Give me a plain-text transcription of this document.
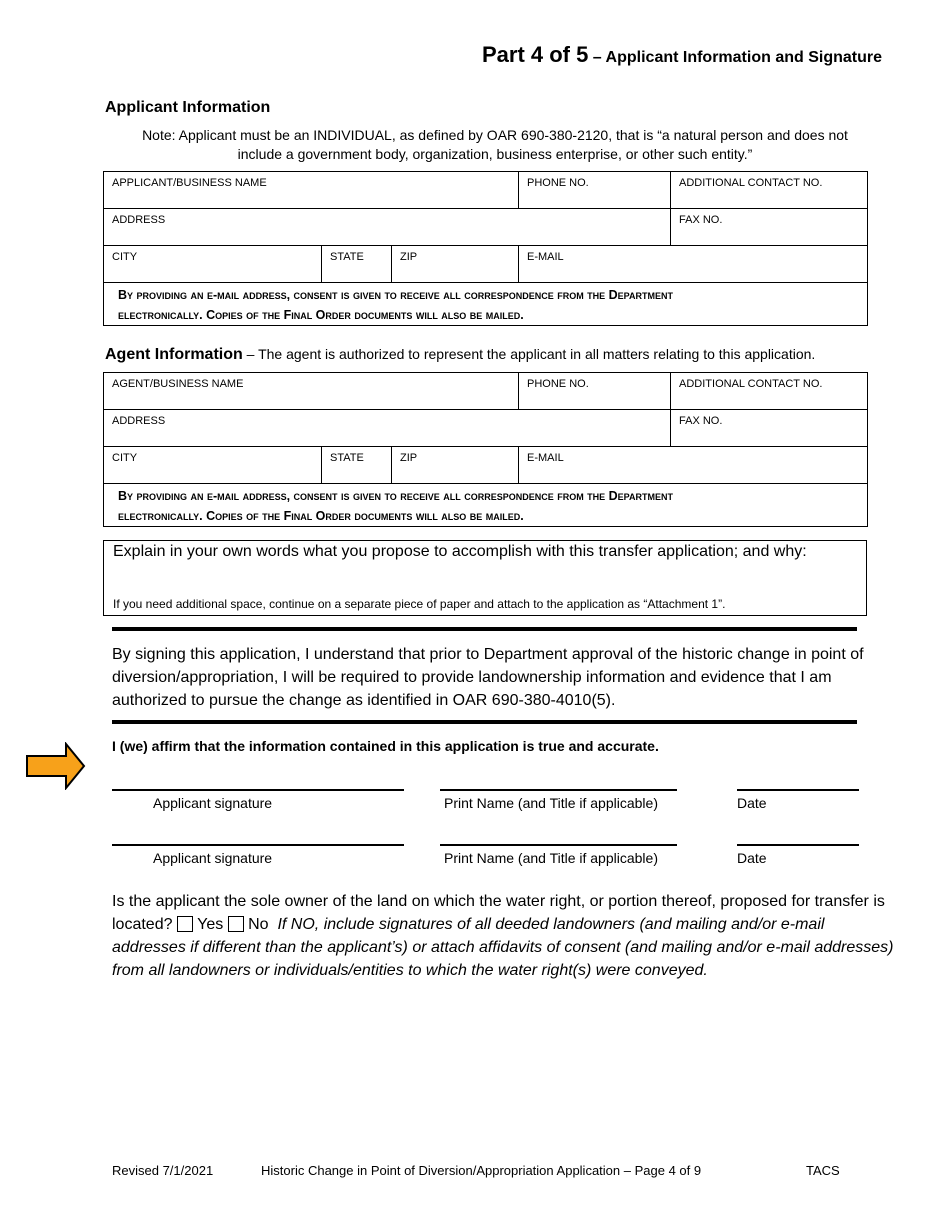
Part 4 of 5 – Applicant Information and Signature
Applicant Information
Note: Applicant must be an INDIVIDUAL, as defined by OAR 690-380-2120, that is “a natural person and does not
include a government body, organization, business enterprise, or other such entity.”
APPLICANT/BUSINESS NAME			PHONE NO.	ADDITIONAL CONTACT NO.
ADDRESS				FAX NO.
CITY	STATE	ZIP	E-MAIL	

By providing an e-mail address, consent is given to receive all correspondence from the Department
electronically. Copies of the Final Order documents will also be mailed.				
Agent Information – The agent is authorized to represent the applicant in all matters relating to this application.
AGENT/BUSINESS NAME			PHONE NO.	ADDITIONAL CONTACT NO.
ADDRESS				FAX NO.
CITY	STATE	ZIP	E-MAIL	

By providing an e-mail address, consent is given to receive all correspondence from the Department
electronically. Copies of the Final Order documents will also be mailed.				
Explain in your own words what you propose to accomplish with this transfer application; and why:
If you need additional space, continue on a separate piece of paper and attach to the application as “Attachment 1”.
By signing this application, I understand that prior to Department approval of the historic change in point of diversion/appropriation, I will be required to provide landownership information and evidence that I am authorized to pursue the change as identified in OAR 690-380-4010(5).
I (we) affirm that the information contained in this application is true and accurate.
Applicant signature	Print Name (and Title if applicable)	Date
Applicant signature	Print Name (and Title if applicable)	Date
Is the applicant the sole owner of the land on which the water right, or portion thereof, proposed for transfer is located? Yes No If NO, include signatures of all deeded landowners (and mailing and/or e-mail addresses if different than the applicant’s) or attach affidavits of consent (and mailing and/or e-mail addresses) from all landowners or individuals/entities to which the water right(s) were conveyed.
Revised 7/1/2021	Historic Change in Point of Diversion/Appropriation Application – Page 4 of 9	TACS
